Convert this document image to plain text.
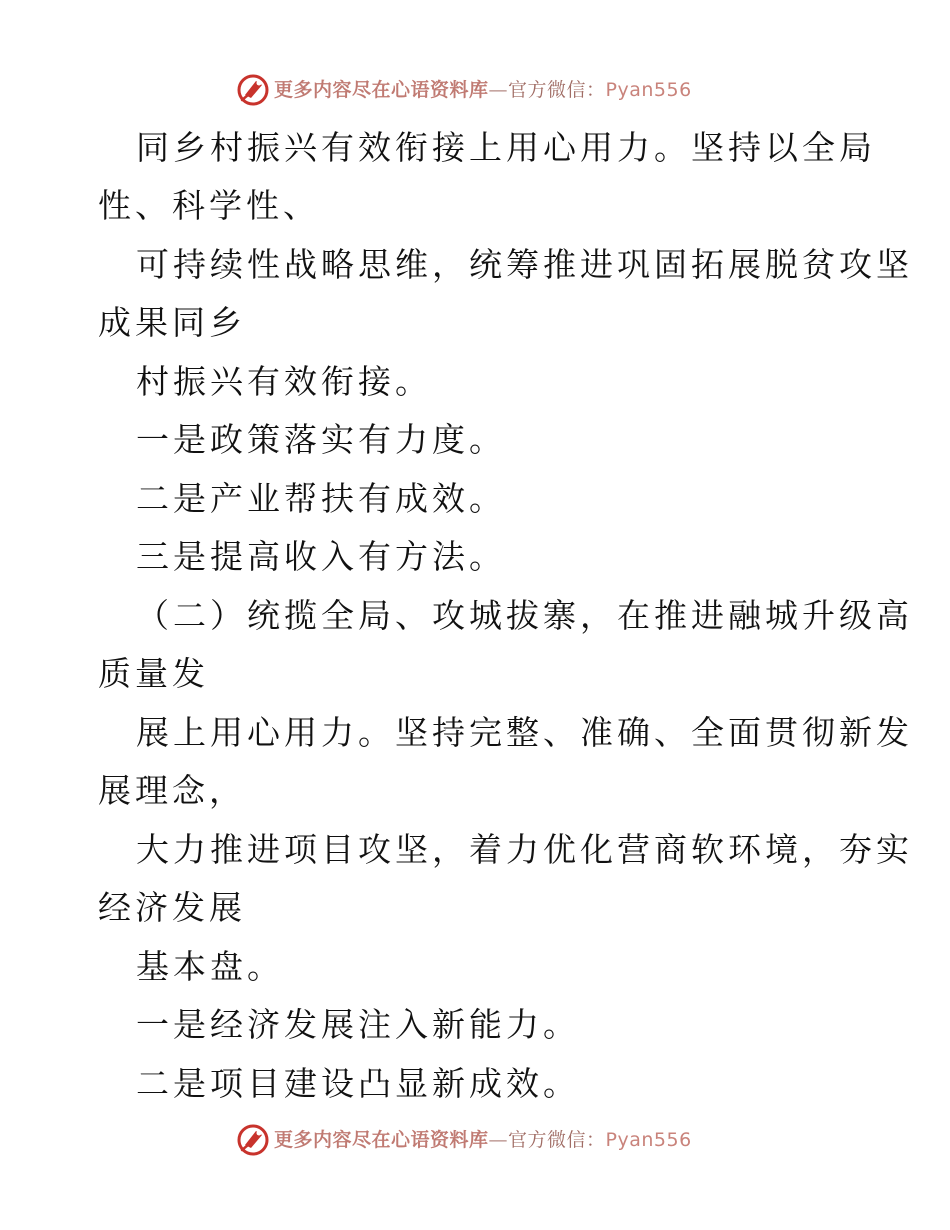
更多内容尽在心语资料库—官方微信：Pyan556
同乡村振兴有效衔接上用心用力。坚持以全局
性、科学性、
可持续性战略思维，统筹推进巩固拓展脱贫攻坚
成果同乡
村振兴有效衔接。
一是政策落实有力度。
二是产业帮扶有成效。
三是提高收入有方法。
（二）统揽全局、攻城拔寨，在推进融城升级高
质量发
展上用心用力。坚持完整、准确、全面贯彻新发
展理念，
大力推进项目攻坚，着力优化营商软环境，夯实
经济发展
基本盘。
一是经济发展注入新能力。
二是项目建设凸显新成效。
更多内容尽在心语资料库—官方微信：Pyan556
